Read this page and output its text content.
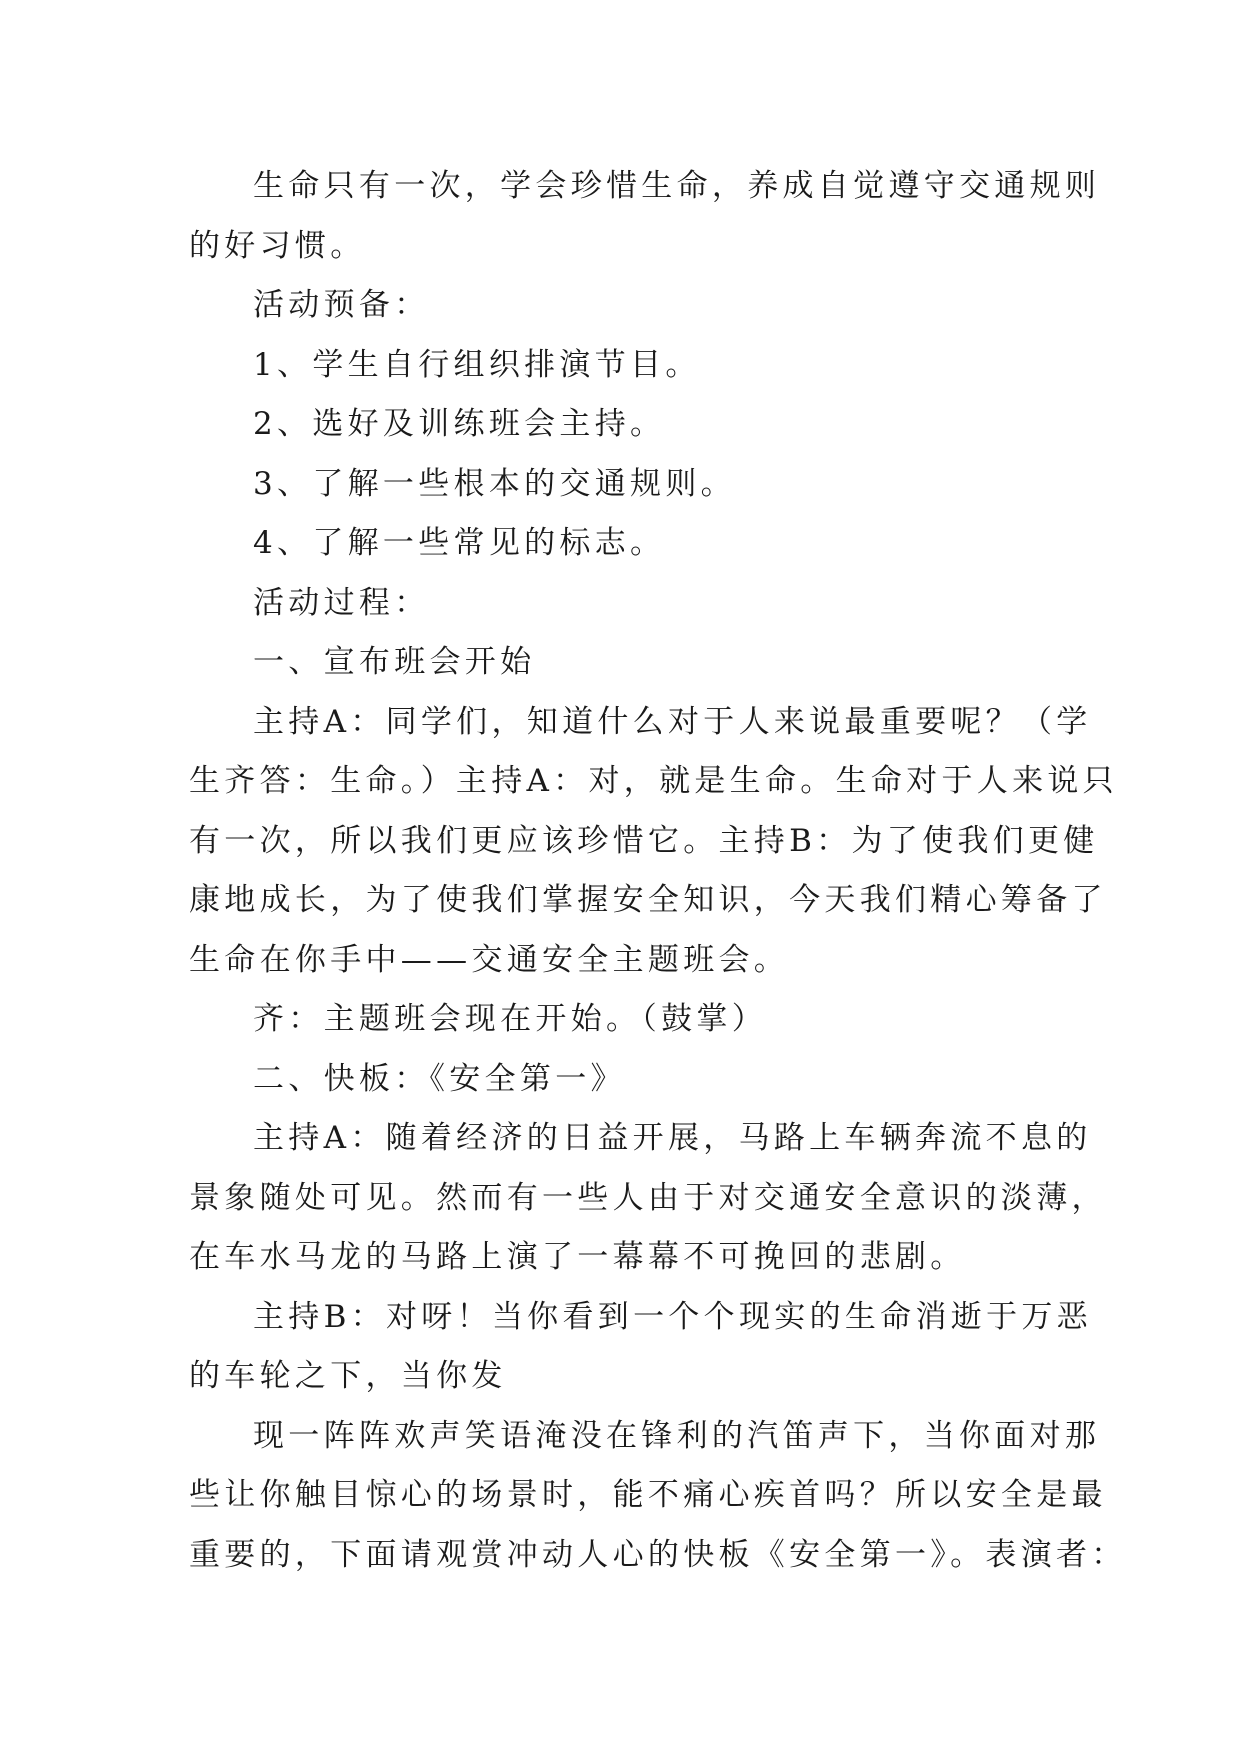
生命只有一次，学会珍惜生命，养成自觉遵守交通规则
的好习惯。

活动预备：

1、学生自行组织排演节目。

2、选好及训练班会主持。

3、了解一些根本的交通规则。

4、了解一些常见的标志。

活动过程：

一、宣布班会开始

主持A：同学们，知道什么对于人来说最重要呢？（学
生齐答：生命。）主持A：对，就是生命。生命对于人来说只
有一次，所以我们更应该珍惜它。主持B：为了使我们更健
康地成长，为了使我们掌握安全知识，今天我们精心筹备了
生命在你手中——交通安全主题班会。

齐：主题班会现在开始。（鼓掌）

二、快板：《安全第一》

主持A：随着经济的日益开展，马路上车辆奔流不息的
景象随处可见。然而有一些人由于对交通安全意识的淡薄，
在车水马龙的马路上演了一幕幕不可挽回的悲剧。

主持B：对呀！当你看到一个个现实的生命消逝于万恶
的车轮之下，当你发

现一阵阵欢声笑语淹没在锋利的汽笛声下，当你面对那
些让你触目惊心的场景时，能不痛心疾首吗？所以安全是最
重要的，下面请观赏冲动人心的快板《安全第一》。表演者：
